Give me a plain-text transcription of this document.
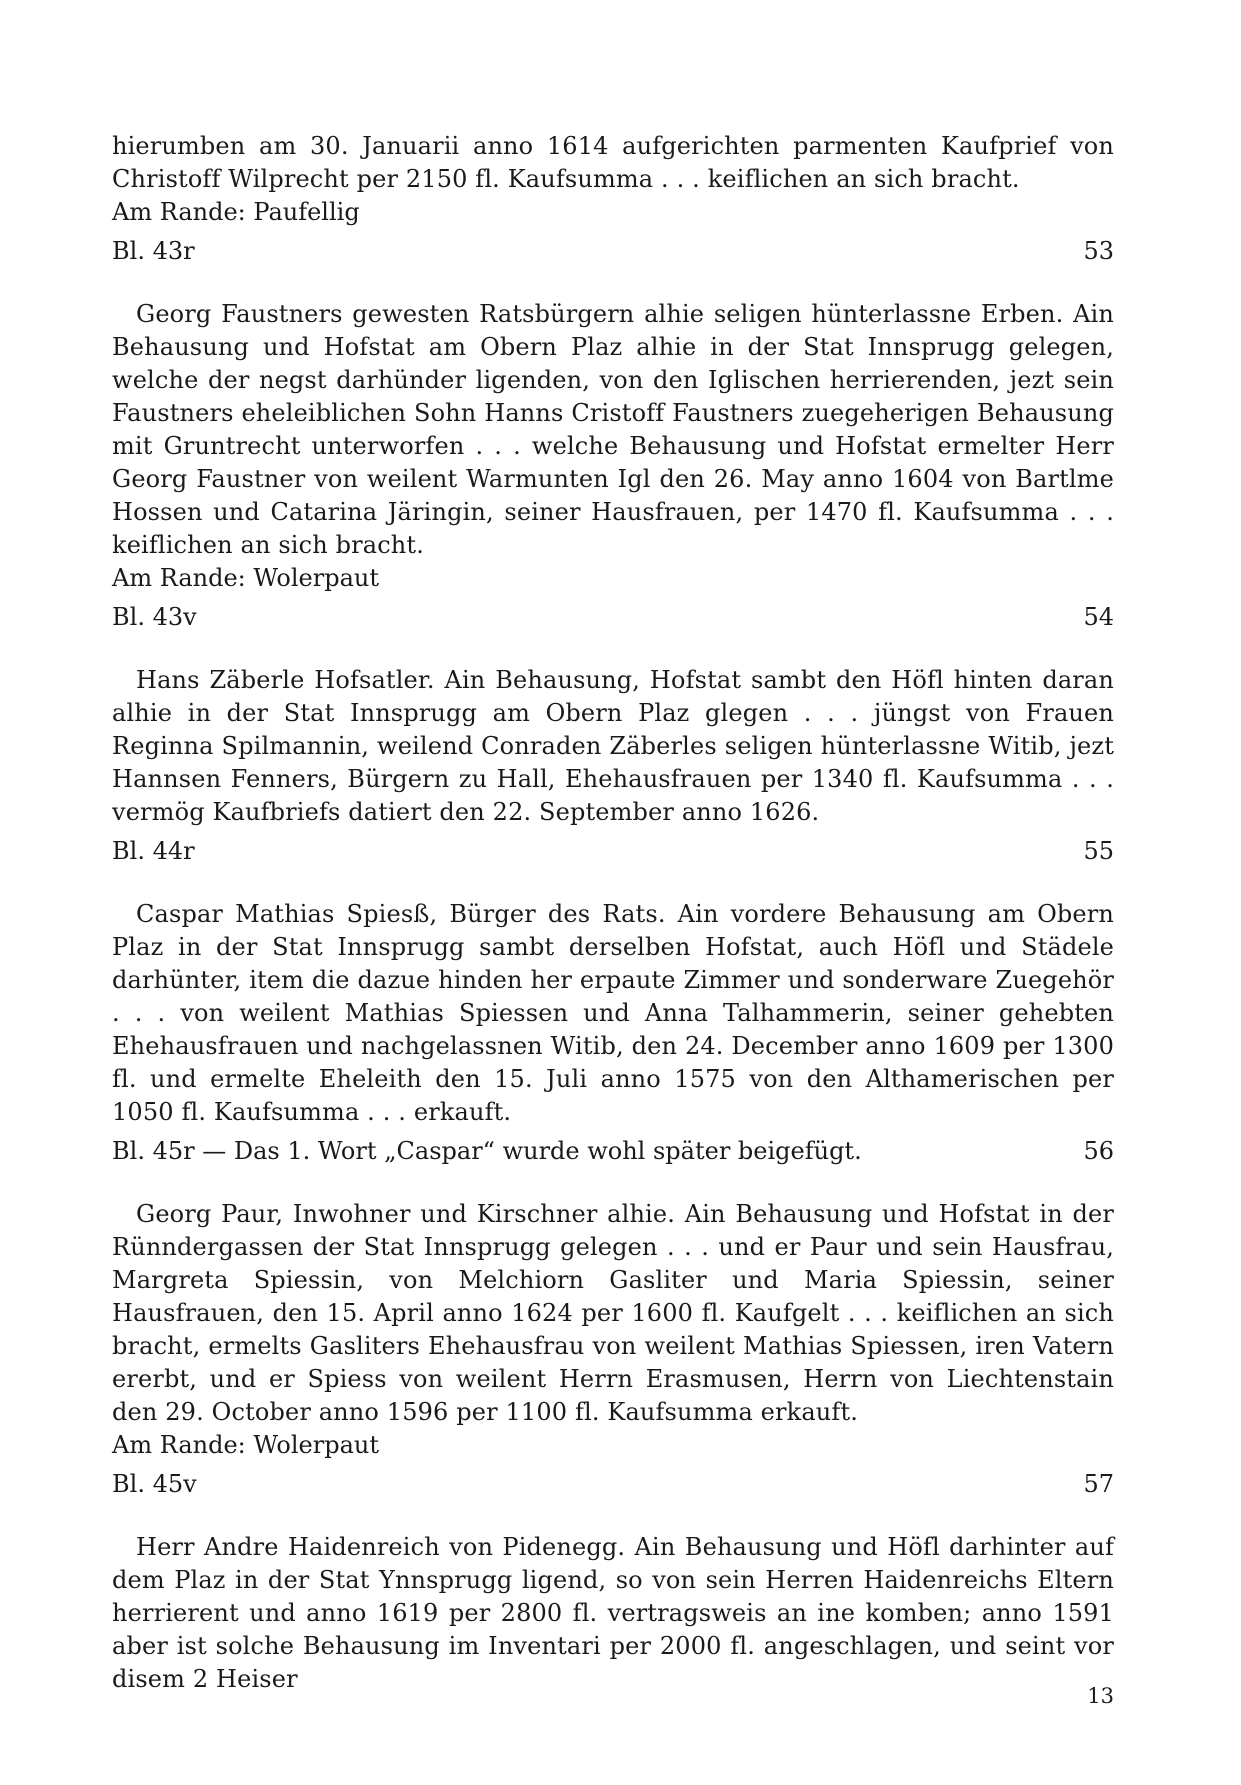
hierumben am 30. Januarii anno 1614 aufgerichten parmenten Kaufprief von Christoff Wilprecht per 2150 fl. Kaufsumma . . . keiflichen an sich bracht.

Am Rande: Paufellig

Bl. 43r	53

Georg Faustners gewesten Ratsbürgern alhie seligen hünterlassne Erben. Ain Behausung und Hofstat am Obern Plaz alhie in der Stat Innsprugg gelegen, welche der negst darhünder ligenden, von den Iglischen herrierenden, jezt sein Faustners eheleiblichen Sohn Hanns Cristoff Faustners zuegeherigen Behausung mit Gruntrecht unterworfen . . . welche Behausung und Hofstat ermelter Herr Georg Faustner von weilent Warmunten Igl den 26. May anno 1604 von Bartlme Hossen und Catarina Järingin, seiner Hausfrauen, per 1470 fl. Kaufsumma . . . keiflichen an sich bracht.

Am Rande: Wolerpaut

Bl. 43v	54

Hans Zäberle Hofsatler. Ain Behausung, Hofstat sambt den Höfl hinten daran alhie in der Stat Innsprugg am Obern Plaz glegen . . . jüngst von Frauen Reginna Spilmannin, weilend Conraden Zäberles seligen hünterlassne Witib, jezt Hannsen Fenners, Bürgern zu Hall, Ehehausfrauen per 1340 fl. Kaufsumma . . . vermög Kaufbriefs datiert den 22. September anno 1626.

Bl. 44r	55

Caspar Mathias Spiesß, Bürger des Rats. Ain vordere Behausung am Obern Plaz in der Stat Innsprugg sambt derselben Hofstat, auch Höfl und Städele darhünter, item die dazue hinden her erpaute Zimmer und sonderware Zuegehör . . . von weilent Mathias Spiessen und Anna Talhammerin, seiner gehebten Ehehausfrauen und nachgelassnen Witib, den 24. December anno 1609 per 1300 fl. und ermelte Eheleith den 15. Juli anno 1575 von den Althamerischen per 1050 fl. Kaufsumma . . . erkauft.

Bl. 45r — Das 1. Wort „Caspar“ wurde wohl später beigefügt.	56

Georg Paur, Inwohner und Kirschner alhie. Ain Behausung und Hofstat in der Rünndergassen der Stat Innsprugg gelegen . . . und er Paur und sein Hausfrau, Margreta Spiessin, von Melchiorn Gasliter und Maria Spiessin, seiner Hausfrauen, den 15. April anno 1624 per 1600 fl. Kaufgelt . . . keiflichen an sich bracht, ermelts Gasliters Ehehausfrau von weilent Mathias Spiessen, iren Vatern ererbt, und er Spiess von weilent Herrn Erasmusen, Herrn von Liechtenstain den 29. October anno 1596 per 1100 fl. Kaufsumma erkauft.

Am Rande: Wolerpaut

Bl. 45v	57

Herr Andre Haidenreich von Pidenegg. Ain Behausung und Höfl darhinter auf dem Plaz in der Stat Ynnsprugg ligend, so von sein Herren Haidenreichs Eltern herrierent und anno 1619 per 2800 fl. vertragsweis an ine komben; anno 1591 aber ist solche Behausung im Inventari per 2000 fl. angeschlagen, und seint vor disem 2 Heiser

13
